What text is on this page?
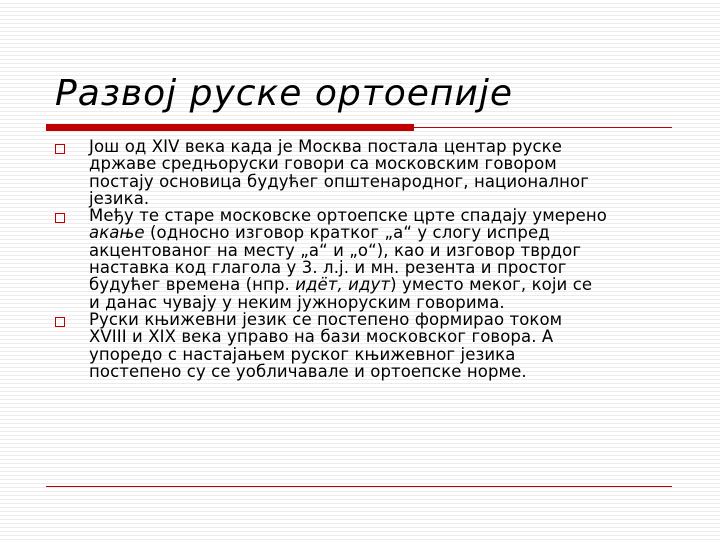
Развој руске ортоепије
Још од XIV века када је Москва постала центар руске
државе средњоруски говори са московским говором
постају основица будућег општенародног, националног
језика.
Међу те старе московске ортоепске црте спадају умерено
акање (односно изговор кратког „а“ у слогу испред
акцентованог на месту „а“ и „о“), као и изговор тврдог
наставка код глагола у 3. л.ј. и мн. резента и простог
будућег времена (нпр. идёт, идут) уместо меког, који се
и данас чувају у неким јужноруским говорима.
Руски књижевни језик се постепено формирао током
XVIII и XIX века управо на бази московског говора. А
упоредо с настајањем руског књижевног језика
постепено су се уобличавале и ортоепске норме.
